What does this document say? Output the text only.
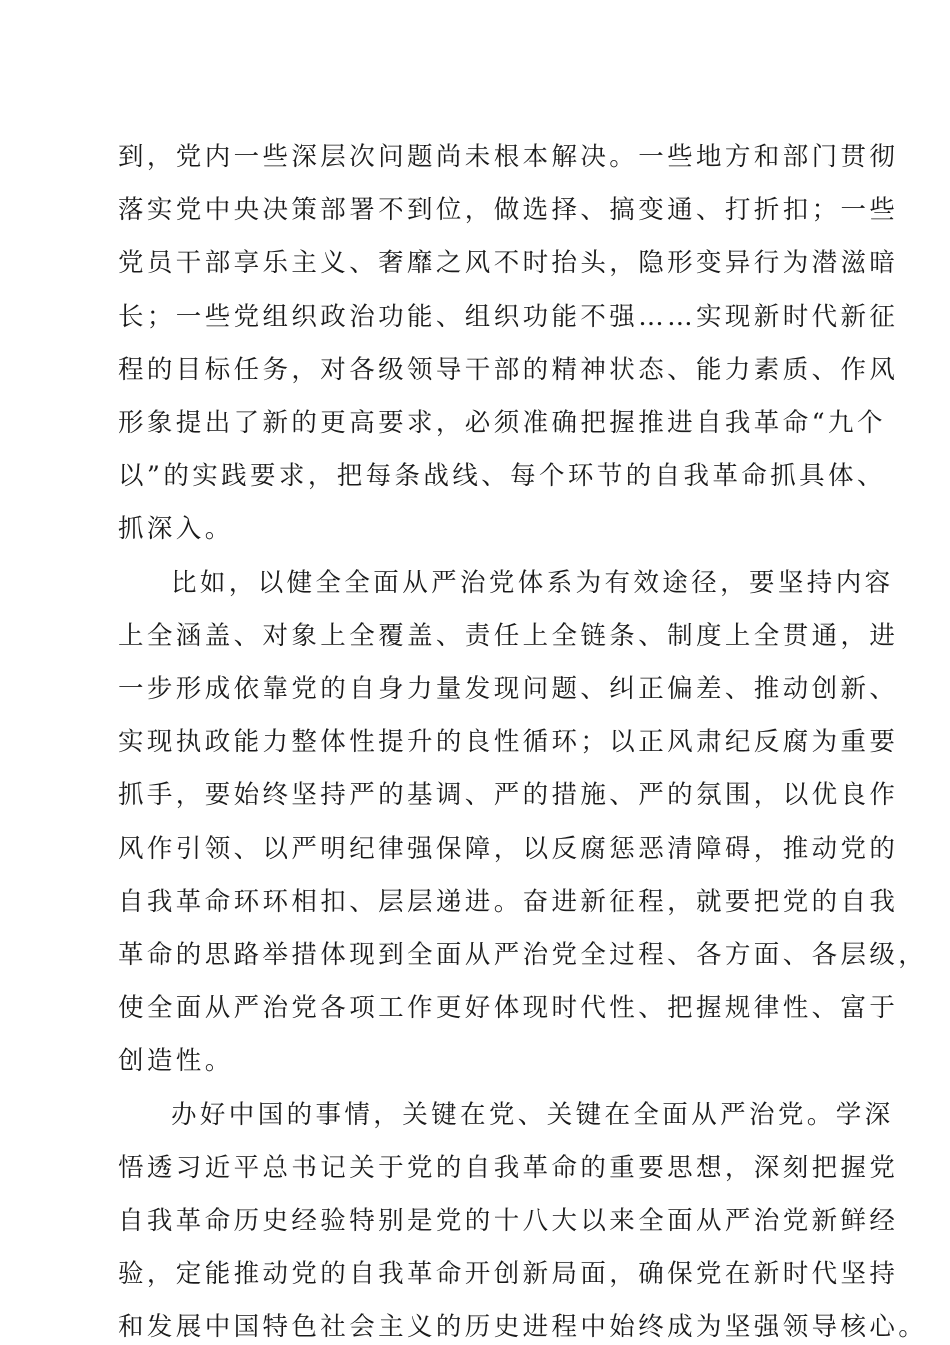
到，党内一些深层次问题尚未根本解决。一些地方和部门贯彻
落实党中央决策部署不到位，做选择、搞变通、打折扣；一些
党员干部享乐主义、奢靡之风不时抬头，隐形变异行为潜滋暗
长；一些党组织政治功能、组织功能不强……实现新时代新征
程的目标任务，对各级领导干部的精神状态、能力素质、作风
形象提出了新的更高要求，必须准确把握推进自我革命“九个
以”的实践要求，把每条战线、每个环节的自我革命抓具体、
抓深入。
比如，以健全全面从严治党体系为有效途径，要坚持内容
上全涵盖、对象上全覆盖、责任上全链条、制度上全贯通，进
一步形成依靠党的自身力量发现问题、纠正偏差、推动创新、
实现执政能力整体性提升的良性循环；以正风肃纪反腐为重要
抓手，要始终坚持严的基调、严的措施、严的氛围，以优良作
风作引领、以严明纪律强保障，以反腐惩恶清障碍，推动党的
自我革命环环相扣、层层递进。奋进新征程，就要把党的自我
革命的思路举措体现到全面从严治党全过程、各方面、各层级，
使全面从严治党各项工作更好体现时代性、把握规律性、富于
创造性。
办好中国的事情，关键在党、关键在全面从严治党。学深
悟透习近平总书记关于党的自我革命的重要思想，深刻把握党
自我革命历史经验特别是党的十八大以来全面从严治党新鲜经
验，定能推动党的自我革命开创新局面，确保党在新时代坚持
和发展中国特色社会主义的历史进程中始终成为坚强领导核心。
